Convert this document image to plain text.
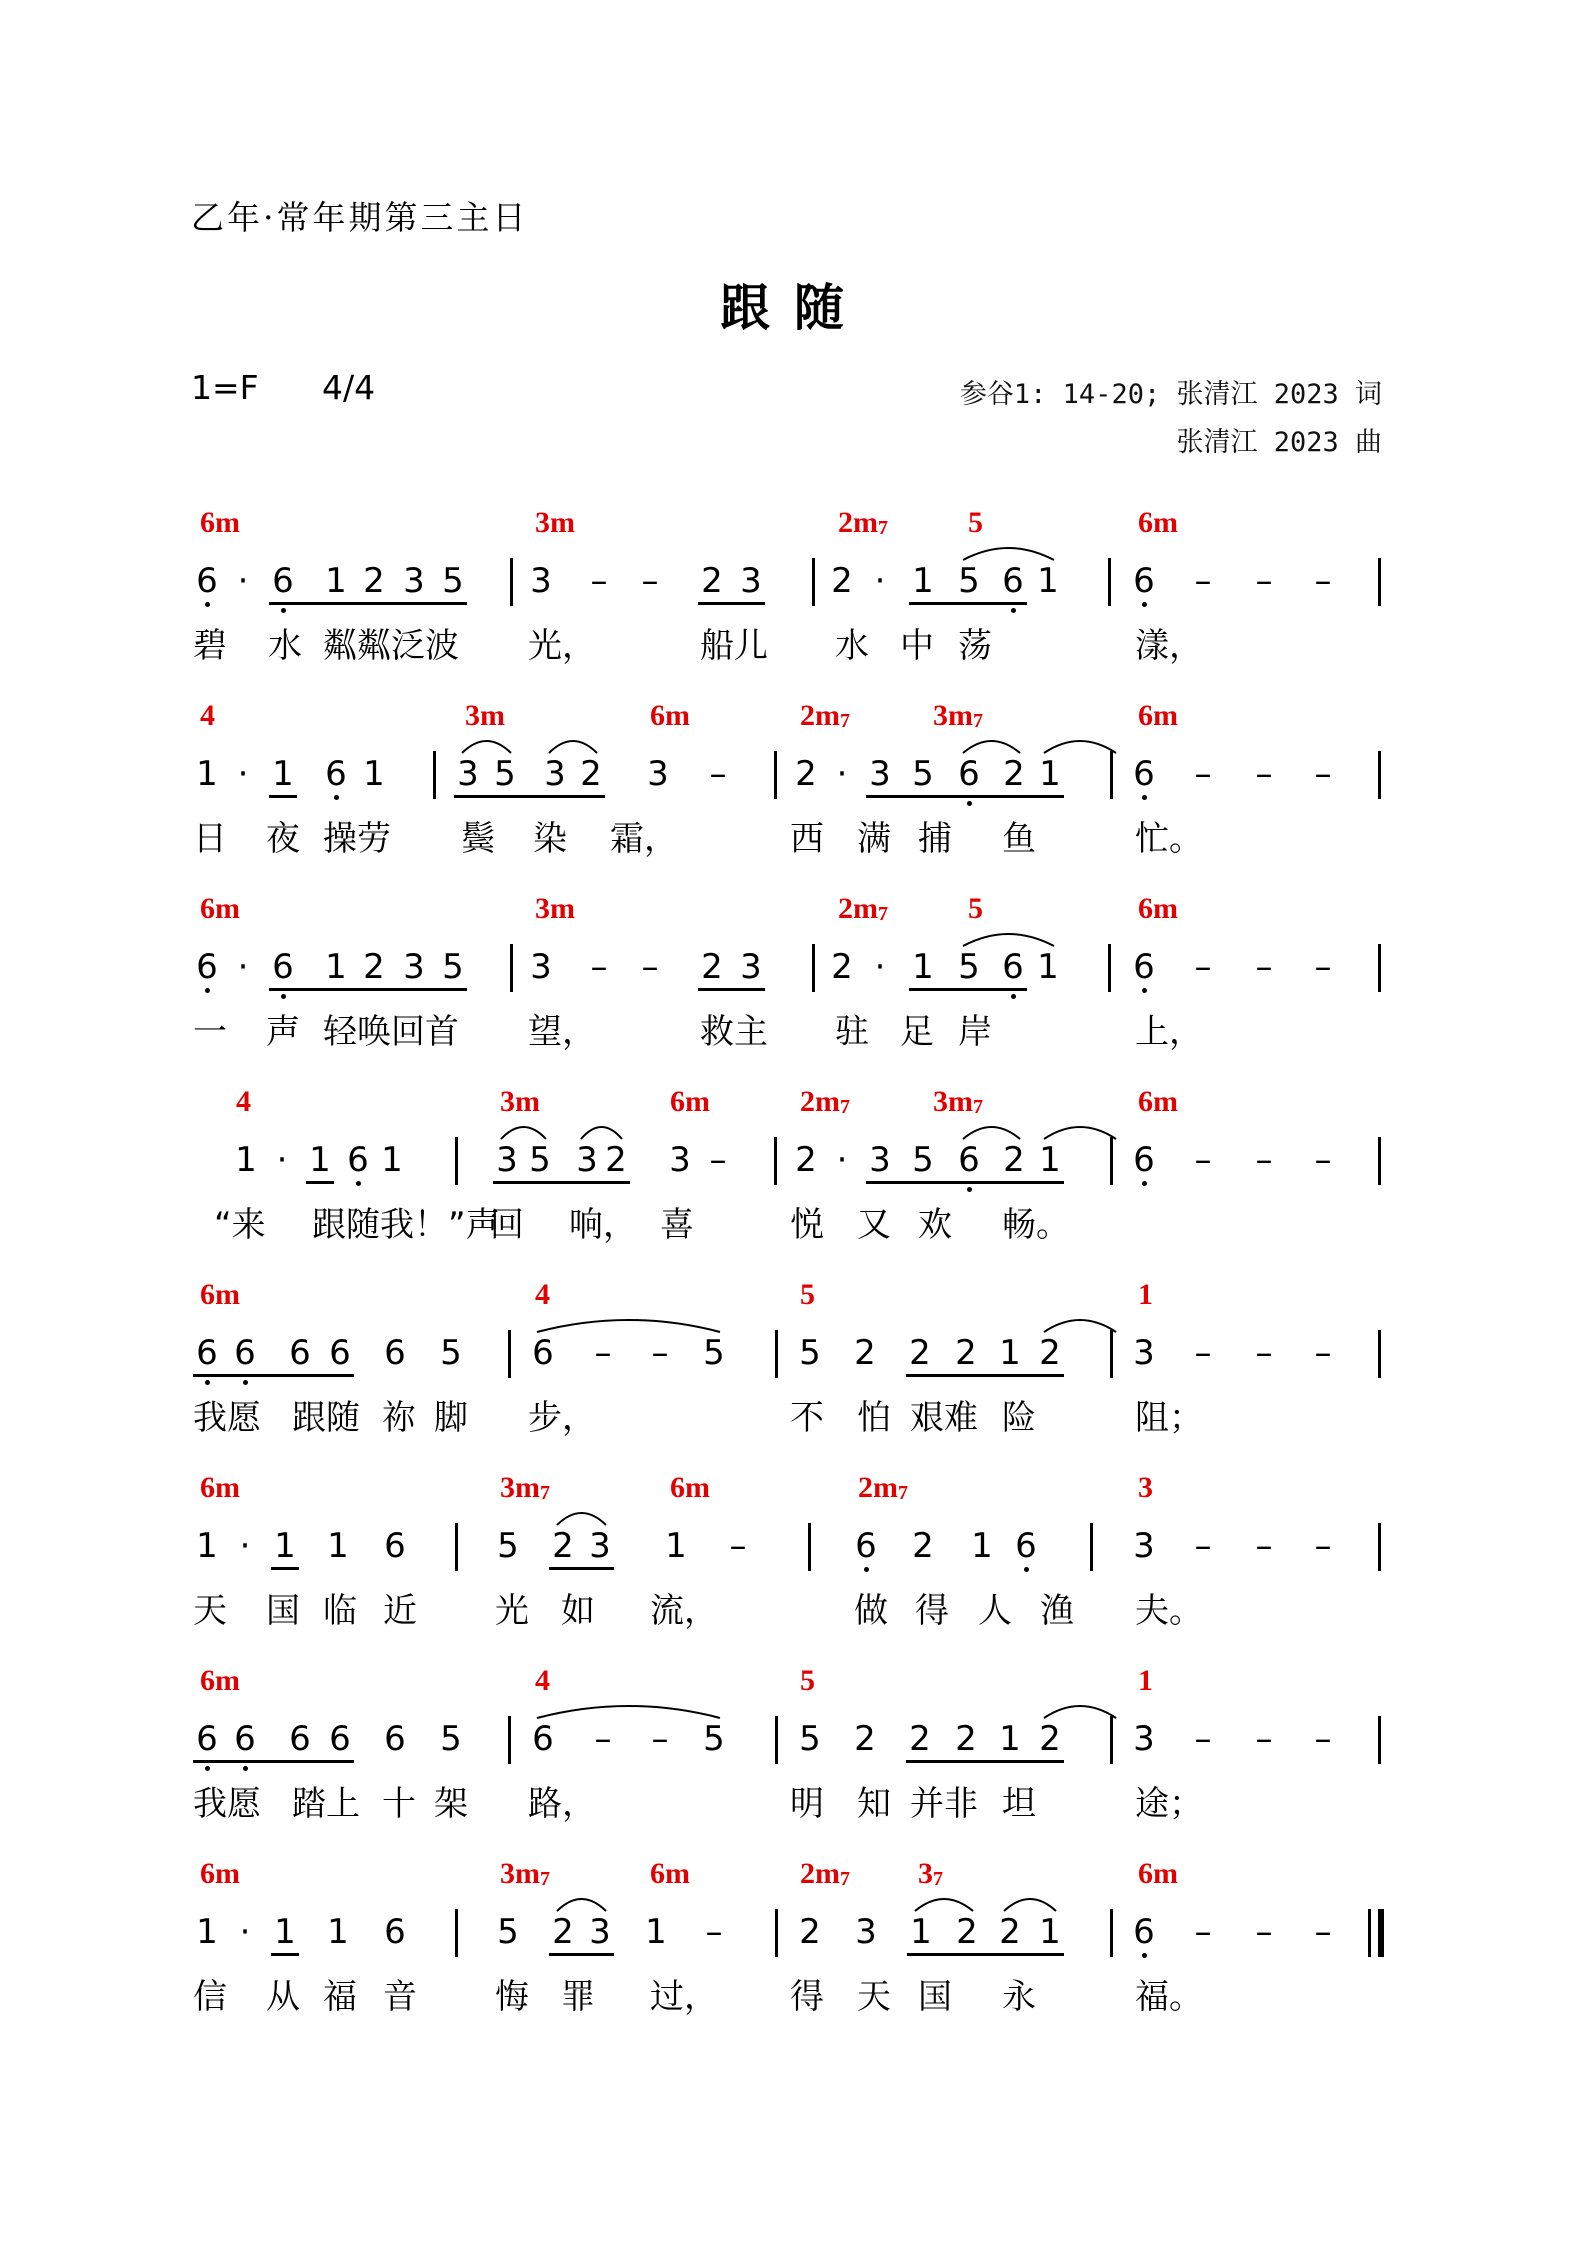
乙年·常年期第三主日
跟随
1=F 4/4	参谷1: 14-20; 张清江 2023 词
张清江 2023 曲
6m	3m	$2m_7$	5	6m
6 · 6 1 2 3 5 3 – – 2 3 2 · 1 5 6 1 6 – – –
碧 水 粼粼泛波 光，	船儿 水 中 荡	漾，
4	3m	6m	$2m_7$	$3m_7$	6m
1 · 1 6 1 3 5 3 2 3 – 2 · 3 5 6 2 1 6 – – –
日 夜 操劳 鬓 染 霜，	西 满 捕 鱼	忙。
6m	3m	$2m_7$	5	6m
6 · 6 1 2 3 5 3 – – 2 3 2 · 1 5 6 1 6 – – –
一 声 轻唤回首 望，	救主 驻 足 岸	上，
4	3m	6m	$2m_7$	$3m_7$	6m
1 · 1 6 1	3 5 3 2 3 – 2 · 3 5 6 2 1 6 – – –
“来 跟随我！”声
回 响， 喜	悦 又 欢 畅。
6m	4	5	1
6 6 6 6 6 5 6 – – 5 5 2 2 2 1 2 3 – – –
我愿 跟随 祢 脚 步，	不 怕 艰难 险	阻；
6m	$3m_7$	6m	$2m_7$	3
1 · 1 1 6	5 2 3 1 –	6 2 1 6	3 – – –
天 国 临 近 光 如 流，	做 得 人 渔 夫。
6m	4	5	1
6 6 6 6 6 5 6 – – 5 5 2 2 2 1 2 3 – – –
我愿 踏上 十 架 路，	明 知 并非 坦	途；
6m	$3m_7$	6m	$2m_7$ $3_7$	6m
1 · 1 1 6	5 2 3 1 – 2 3 1 2 2 1 6 – – –
信 从 福 音 悔 罪 过， 得 天 国 永	福。
